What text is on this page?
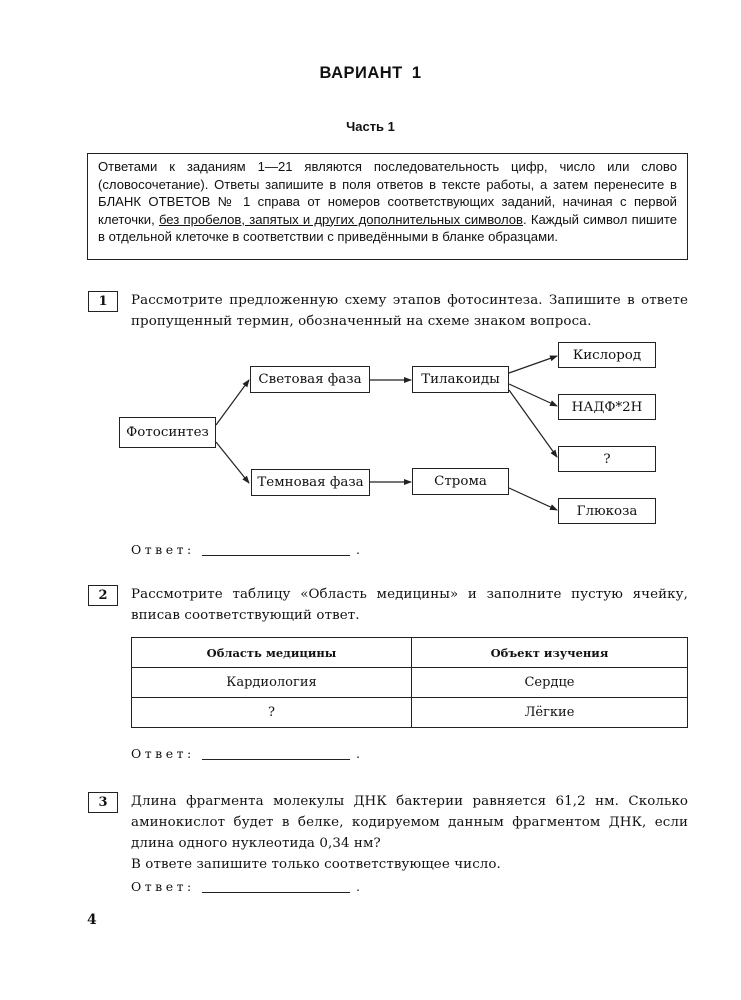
ВАРИАНТ 1
Часть 1
Ответами к заданиям 1—21 являются последовательность цифр, число или слово (словосочетание). Ответы запишите в поля ответов в тексте работы, а затем перенесите в БЛАНК ОТВЕТОВ № 1 справа от номеров соответствующих заданий, начиная с первой клеточки, без пробелов, запятых и других дополнительных символов. Каждый символ пишите в отдельной клеточке в соответствии с приведёнными в бланке образцами.
1	Рассмотрите предложенную схему этапов фотосинтеза. Запишите в ответе пропущенный термин, обозначенный на схеме знаком вопроса.
Фотосинтез
Световая фаза
Темновая фаза
Тилакоиды
Строма
Кислород
НАДФ*2Н
?
Глюкоза
Ответ:	.
2	Рассмотрите таблицу «Область медицины» и заполните пустую ячейку, вписав соответствующий ответ.
Область медицины	Объект изучения
Кардиология	Сердце
?	Лёгкие
Ответ:	.
3	Длина фрагмента молекулы ДНК бактерии равняется 61,2 нм. Сколько аминокислот будет в белке, кодируемом данным фрагментом ДНК, если длина одного нуклеотида 0,34 нм?
В ответе запишите только соответствующее число.
Ответ:	.
4
